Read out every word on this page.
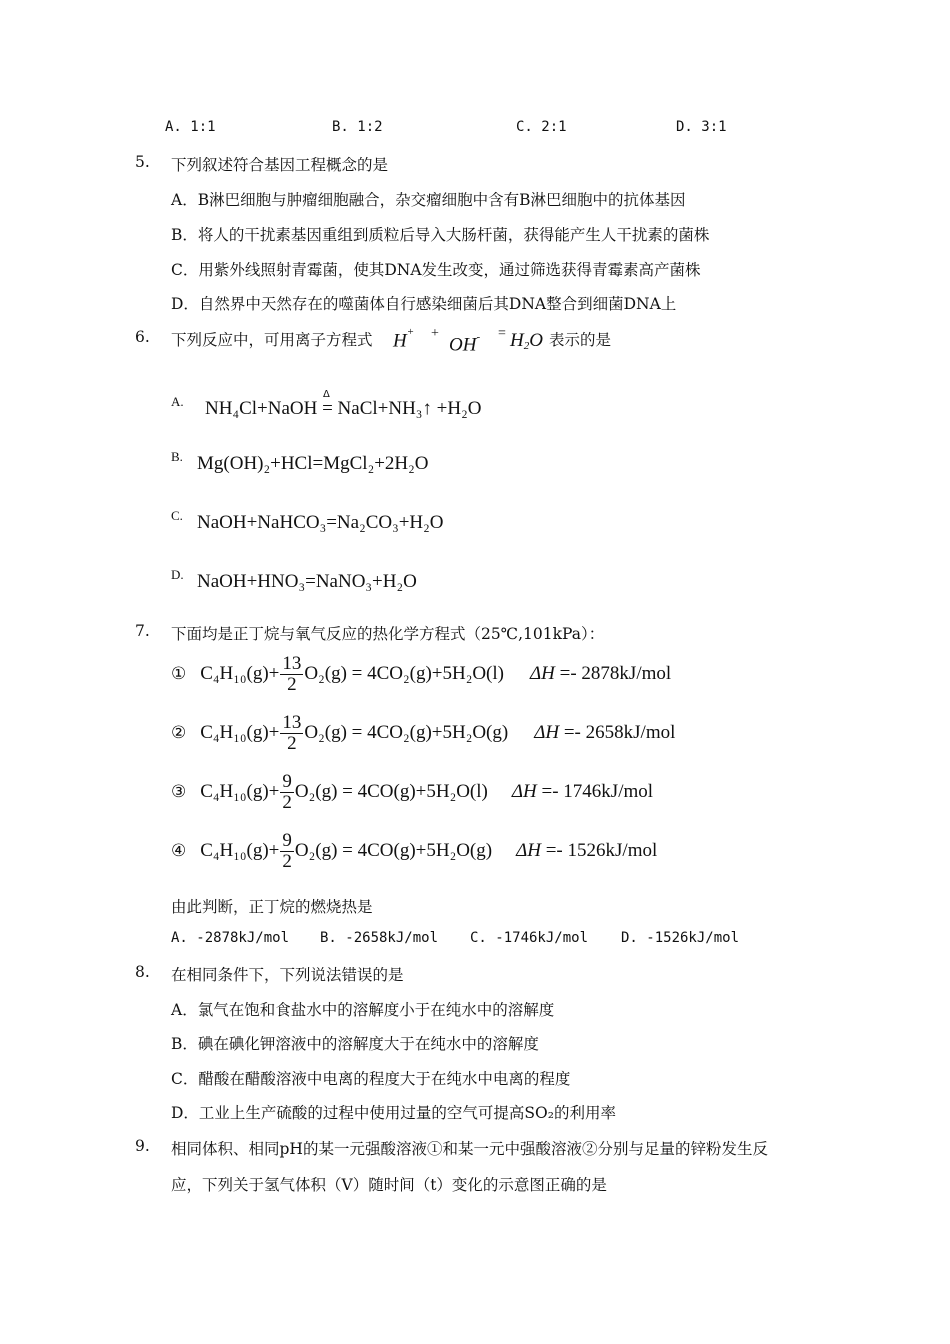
A. 1:1	B. 1:2	C. 2:1	D. 3:1
5. 下列叙述符合基因工程概念的是
A．B淋巴细胞与肿瘤细胞融合，杂交瘤细胞中含有B淋巴细胞中的抗体基因
B．将人的干扰素基因重组到质粒后导入大肠杆菌，获得能产生人干扰素的菌株
C．用紫外线照射青霉菌，使其DNA发生改变，通过筛选获得青霉素高产菌株
D．自然界中天然存在的噬菌体自行感染细菌后其DNA整合到细菌DNA上
6. 下列反应中，可用离子方程式 H+ +
$OH^- = H_2O$ 表示的是
A.	Δ
NH₄Cl+NaOH = NaCl+NH₃↑ +H₂O
B. Mg(OH)₂+HCl=MgCl₂+2H₂O
C. NaOH+NaHCO₃=Na₂CO₃+H₂O
D. NaOH+HNO₃=NaNO₃+H₂O
7. 下面均是正丁烷与氧气反应的热化学方程式（25℃,101kPa）：
① $C_4H_{10}(g)+ \frac{13}{2} O_2(g) = 4CO_2(g)+5H_2O(l) \Delta H =- 2878kJ/mol$
② $C_4H_{10}(g)+ \frac{13}{2} O_2(g) = 4CO_2(g)+5H_2O(g) \Delta H =- 2658kJ/mol$
③ $C_4H_{10}(g)+ \frac{9}{2} O_2(g) = 4CO(g)+5H_2O(l) \Delta H =- 1746kJ/mol$
④ $C_4H_{10}(g)+ \frac{9}{2} O_2(g) = 4CO(g)+5H_2O(g) \Delta H =- 1526kJ/mol$
由此判断，正丁烷的燃烧热是
A. -2878kJ/mol B. -2658kJ/mol C. -1746kJ/mol D. -1526kJ/mol
8. 在相同条件下，下列说法错误的是
A．氯气在饱和食盐水中的溶解度小于在纯水中的溶解度
B．碘在碘化钾溶液中的溶解度大于在纯水中的溶解度
C．醋酸在醋酸溶液中电离的程度大于在纯水中电离的程度
D．工业上生产硫酸的过程中使用过量的空气可提高SO₂的利用率
9. 相同体积、相同pH的某一元强酸溶液①和某一元中强酸溶液②分别与足量的锌粉发生反
应，下列关于氢气体积（V）随时间（t）变化的示意图正确的是
